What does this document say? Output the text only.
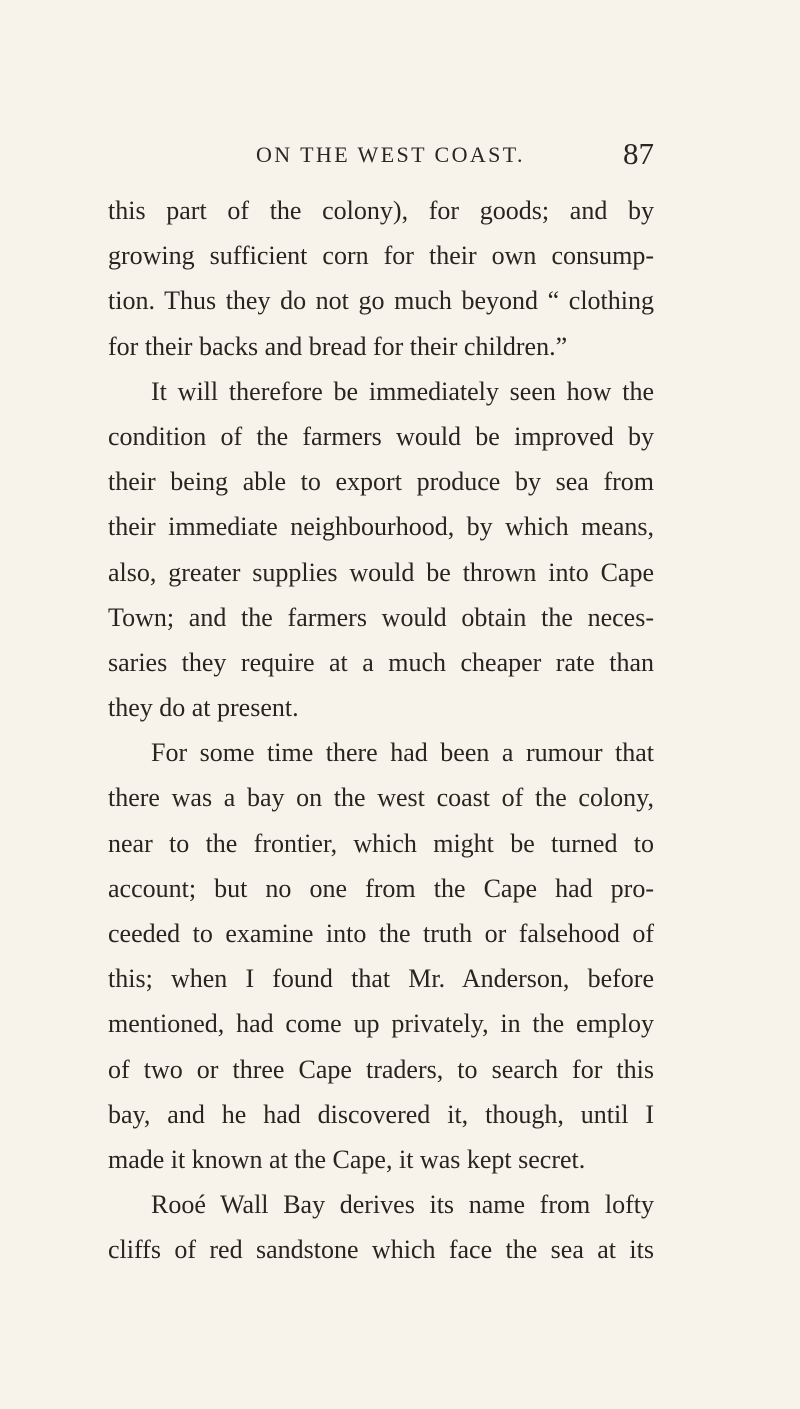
ON THE WEST COAST.	87
this part of the colony), for goods; and by
growing sufficient corn for their own consump-
tion. Thus they do not go much beyond “ clothing
for their backs and bread for their children.”
It will therefore be immediately seen how the
condition of the farmers would be improved by
their being able to export produce by sea from
their immediate neighbourhood, by which means,
also, greater supplies would be thrown into Cape
Town; and the farmers would obtain the neces-
saries they require at a much cheaper rate than
they do at present.
For some time there had been a rumour that
there was a bay on the west coast of the colony,
near to the frontier, which might be turned to
account; but no one from the Cape had pro-
ceeded to examine into the truth or falsehood of
this; when I found that Mr. Anderson, before
mentioned, had come up privately, in the employ
of two or three Cape traders, to search for this
bay, and he had discovered it, though, until I
made it known at the Cape, it was kept secret.
Rooé Wall Bay derives its name from lofty
cliffs of red sandstone which face the sea at its
